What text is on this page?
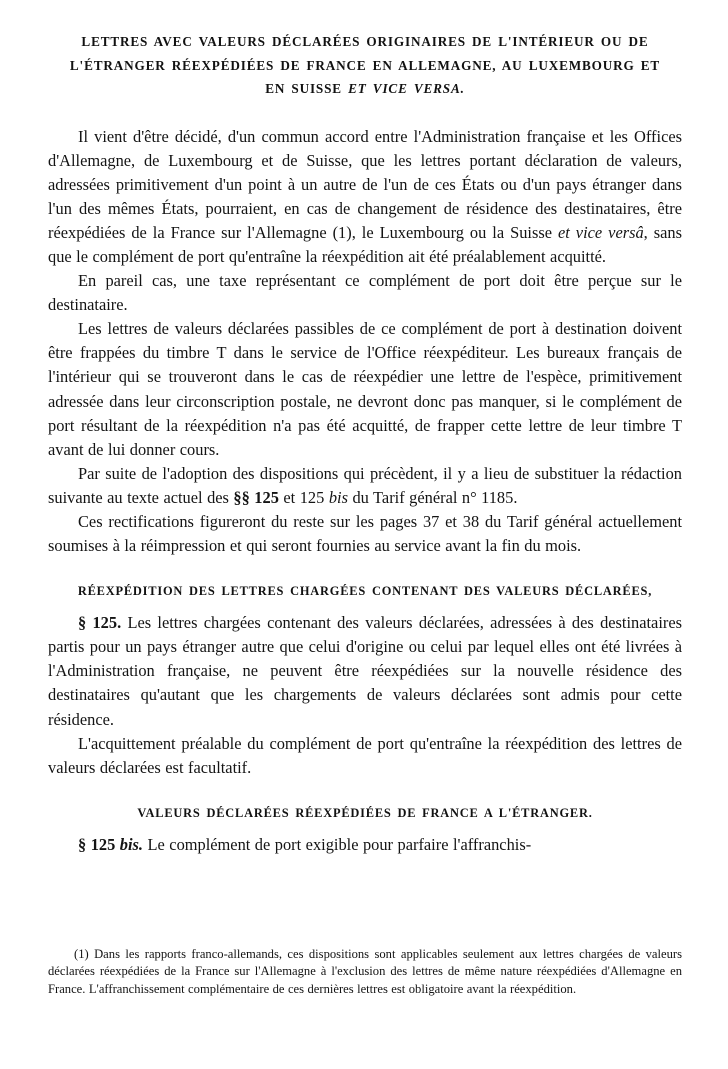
LETTRES AVEC VALEURS DÉCLARÉES ORIGINAIRES DE L'INTÉRIEUR OU DE
L'ÉTRANGER RÉEXPÉDIÉES DE FRANCE EN ALLEMAGNE, AU LUXEMBOURG ET
EN SUISSE ET VICE VERSA.

Il vient d'être décidé, d'un commun accord entre l'Administration française et les Offices d'Allemagne, de Luxembourg et de Suisse, que les lettres portant déclaration de valeurs, adressées primitivement d'un point à un autre de l'un de ces États ou d'un pays étranger dans l'un des mêmes États, pourraient, en cas de changement de résidence des destinataires, être réexpédiées de la France sur l'Allemagne (1), le Luxembourg ou la Suisse et vice versâ, sans que le complément de port qu'entraîne la réexpédition ait été préalablement acquitté.

En pareil cas, une taxe représentant ce complément de port doit être perçue sur le destinataire.

Les lettres de valeurs déclarées passibles de ce complément de port à destination doivent être frappées du timbre T dans le service de l'Office réexpéditeur. Les bureaux français de l'intérieur qui se trouveront dans le cas de réexpédier une lettre de l'espèce, primitivement adressée dans leur circonscription postale, ne devront donc pas manquer, si le complément de port résultant de la réexpédition n'a pas été acquitté, de frapper cette lettre de leur timbre T avant de lui donner cours.

Par suite de l'adoption des dispositions qui précèdent, il y a lieu de substituer la rédaction suivante au texte actuel des §§ 125 et 125 bis du Tarif général n° 1185.

Ces rectifications figureront du reste sur les pages 37 et 38 du Tarif général actuellement soumises à la réimpression et qui seront fournies au service avant la fin du mois.

RÉEXPÉDITION DES LETTRES CHARGÉES CONTENANT DES VALEURS DÉCLARÉES,

§ 125. Les lettres chargées contenant des valeurs déclarées, adressées à des destinataires partis pour un pays étranger autre que celui d'origine ou celui par lequel elles ont été livrées à l'Administration française, ne peuvent être réexpédiées sur la nouvelle résidence des destinataires qu'autant que les chargements de valeurs déclarées sont admis pour cette résidence.

L'acquittement préalable du complément de port qu'entraîne la réexpédition des lettres de valeurs déclarées est facultatif.

VALEURS DÉCLARÉES RÉEXPÉDIÉES DE FRANCE A L'ÉTRANGER.

§ 125 bis. Le complément de port exigible pour parfaire l'affranchis-

(1) Dans les rapports franco-allemands, ces dispositions sont applicables seulement aux lettres chargées de valeurs déclarées réexpédiées de la France sur l'Allemagne à l'exclusion des lettres de même nature réexpédiées d'Allemagne en France. L'affranchissement complémentaire de ces dernières lettres est obligatoire avant la réexpédition.
